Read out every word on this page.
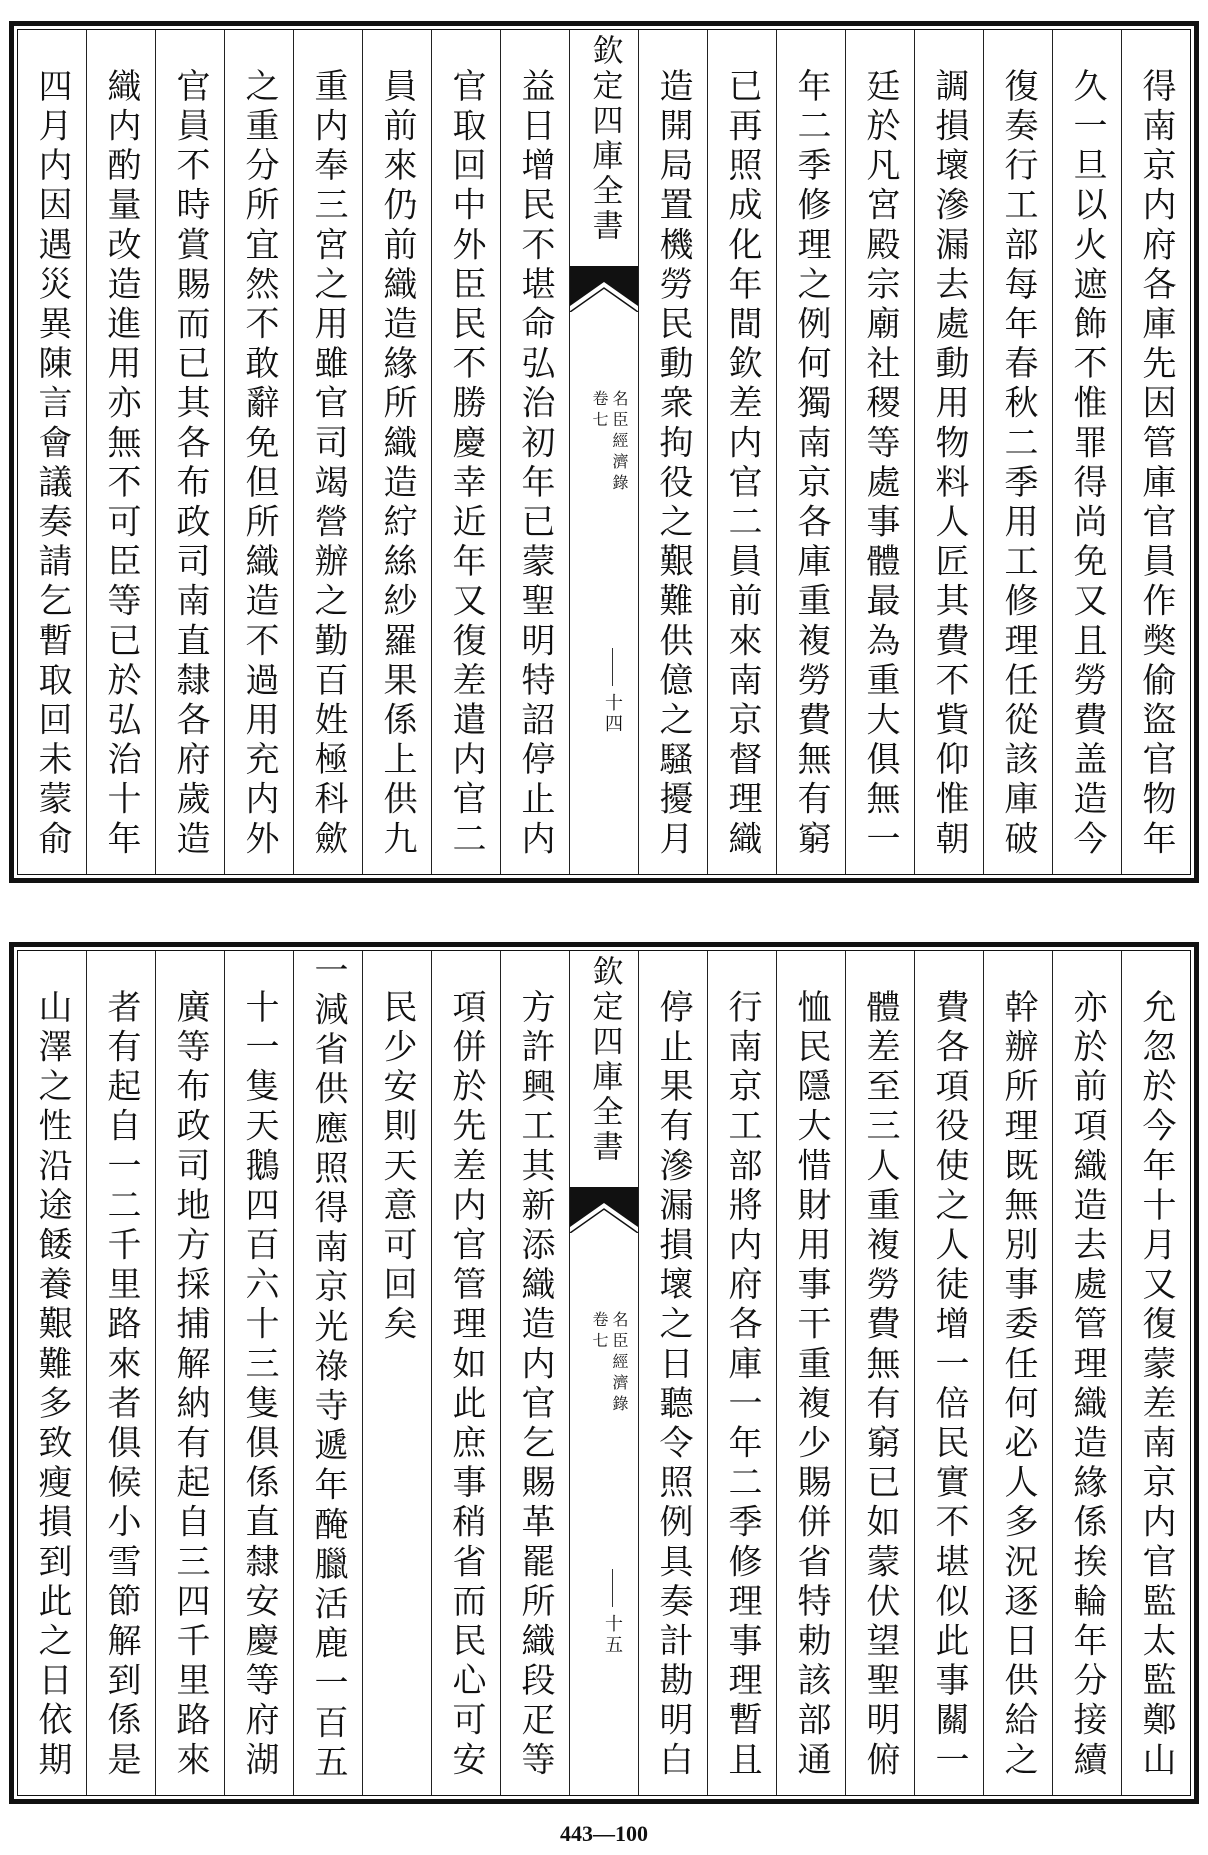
得南京内府各庫先因管庫官員作獘偷盜官物年
久一旦以火遮飾不惟罪得尚免又且勞費盖造今
復奏行工部每年春秋二季用工修理任從該庫破
調損壞滲漏去處動用物料人匠其費不貲仰惟朝
廷於凡宮殿宗廟社稷等處事體最為重大俱無一
年二季修理之例何獨南京各庫重複勞費無有窮
已再照成化年間欽差内官二員前來南京督理織
造開局置機勞民動衆拘役之艱難供億之騷擾月
欽定四庫全書
名臣經濟錄
卷七
十四
益日增民不堪命弘治初年已蒙聖明特詔停止内
官取回中外臣民不勝慶幸近年又復差遣内官二
員前來仍前織造緣所織造紵絲紗羅果係上供九
重内奉三宮之用雖官司竭營辦之勤百姓極科歛
之重分所宜然不敢辭免但所織造不過用充内外
官員不時賞賜而已其各布政司南直隸各府歲造
織内酌量改造進用亦無不可臣等已於弘治十年
四月内因遇災異陳言會議奏請乞暫取回未蒙俞
允忽於今年十月又復蒙差南京内官監太監鄭山
亦於前項織造去處管理織造緣係挨輪年分接續
幹辦所理既無別事委任何必人多況逐日供給之
費各項役使之人徒增一倍民實不堪似此事關一
體差至三人重複勞費無有窮已如蒙伏望聖明俯
恤民隱大惜財用事干重複少賜併省特勅該部通
行南京工部將内府各庫一年二季修理事理暫且
停止果有滲漏損壞之日聽令照例具奏計勘明白
欽定四庫全書
名臣經濟錄
卷七
十五
方許興工其新添織造内官乞賜革罷所織段疋等
項併於先差内官管理如此庶事稍省而民心可安
民少安則天意可回矣
一減省供應照得南京光祿寺遞年醃臘活鹿一百五
十一隻天鵝四百六十三隻俱係直隸安慶等府湖
廣等布政司地方採捕解納有起自三四千里路來
者有起自一二千里路來者俱候小雪節解到係是
山澤之性沿途餧養艱難多致瘦損到此之日依期
443—100
